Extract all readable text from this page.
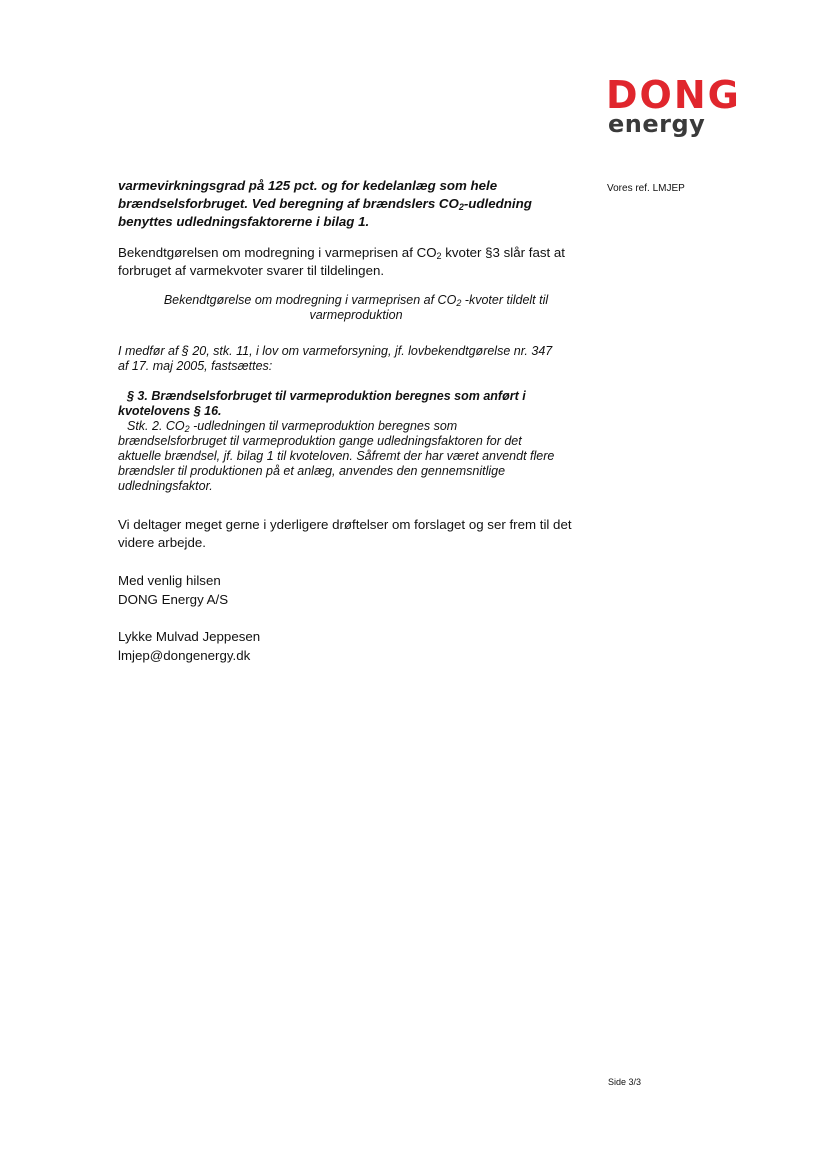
DONG
energy
Vores ref. LMJEP
varmevirkningsgrad på 125 pct. og for kedelanlæg som hele
brændselsforbruget. Ved beregning af brændslers $CO_2$-udledning
benyttes udledningsfaktorerne i bilag 1.
Bekendtgørelsen om modregning i varmeprisen af $CO_2$ kvoter §3 slår fast at
forbruget af varmekvoter svarer til tildelingen.
Bekendtgørelse om modregning i varmeprisen af $CO_2$ -kvoter tildelt til
varmeproduktion
I medfør af § 20, stk. 11, i lov om varmeforsyning, jf. lovbekendtgørelse nr. 347
af 17. maj 2005, fastsættes:
§ 3. Brændselsforbruget til varmeproduktion beregnes som anført i
kvotelovens § 16.
Stk. 2. $CO_2$ -udledningen til varmeproduktion beregnes som
brændselsforbruget til varmeproduktion gange udledningsfaktoren for det
aktuelle brændsel, jf. bilag 1 til kvoteloven. Såfremt der har været anvendt flere
brændsler til produktionen på et anlæg, anvendes den gennemsnitlige
udledningsfaktor.
Vi deltager meget gerne i yderligere drøftelser om forslaget og ser frem til det
videre arbejde.
Med venlig hilsen
DONG Energy A/S
Lykke Mulvad Jeppesen
lmjep@dongenergy.dk
Side 3/3
